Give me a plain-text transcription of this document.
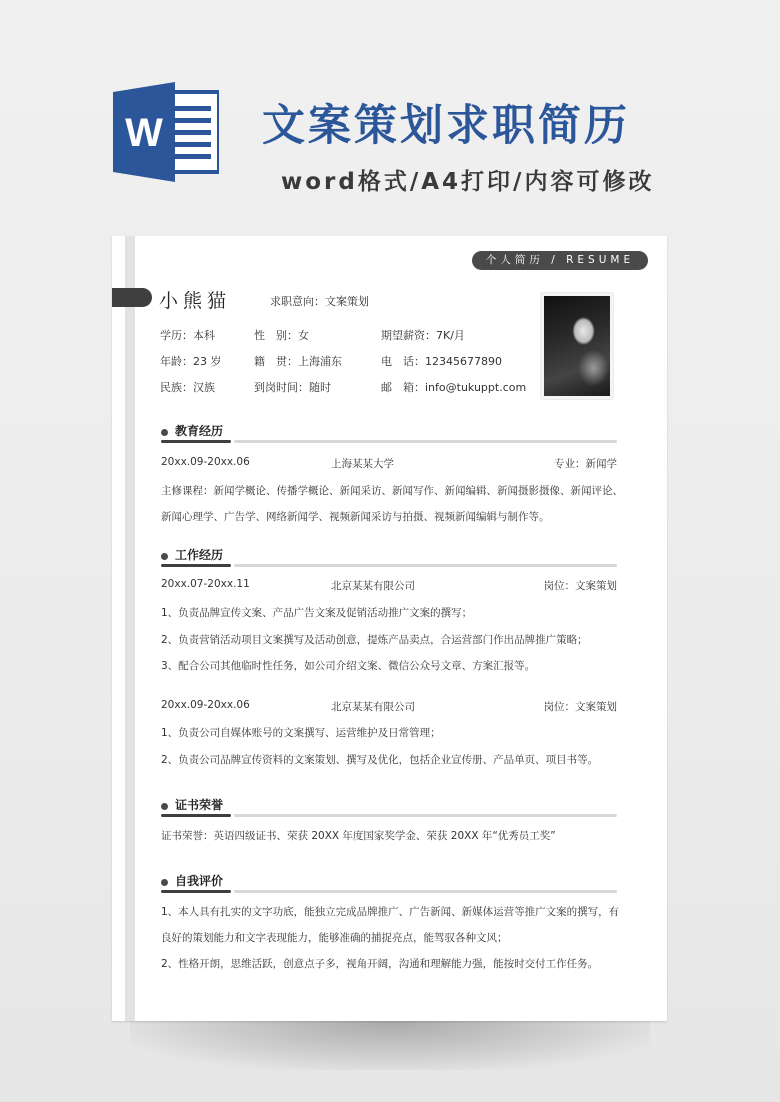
W 文案策划求职简历
word格式/A4打印/内容可修改
个人简历 / RESUME
小熊猫	求职意向：文案策划
学历：本科	性　别：女	期望薪资：7K/月
年龄：23 岁	籍　贯：上海浦东	电　话：12345677890
民族：汉族	到岗时间：随时	邮　箱：info@tukuppt.com
教育经历
20xx.09-20xx.06	上海某某大学	专业：新闻学
主修课程：新闻学概论、传播学概论、新闻采访、新闻写作、新闻编辑、新闻摄影摄像、新闻评论、
新闻心理学、广告学、网络新闻学、视频新闻采访与拍摄、视频新闻编辑与制作等。
工作经历
20xx.07-20xx.11	北京某某有限公司	岗位：文案策划
1、负责品牌宣传文案、产品广告文案及促销活动推广文案的撰写；
2、负责营销活动项目文案撰写及活动创意，提炼产品卖点，合运营部门作出品牌推广策略；
3、配合公司其他临时性任务，如公司介绍文案、微信公众号文章、方案汇报等。
20xx.09-20xx.06	北京某某有限公司	岗位：文案策划
1、负责公司自媒体账号的文案撰写、运营维护及日常管理；
2、负责公司品牌宣传资料的文案策划、撰写及优化，包括企业宣传册、产品单页、项目书等。
证书荣誉
证书荣誉：英语四级证书、荣获 20XX 年度国家奖学金、荣获 20XX 年“优秀员工奖”
自我评价
1、本人具有扎实的文字功底，能独立完成品牌推广、广告新闻、新媒体运营等推广文案的撰写，有
良好的策划能力和文字表现能力，能够准确的捕捉亮点，能驾驭各种文风；
2、性格开朗，思维活跃，创意点子多，视角开阔，沟通和理解能力强，能按时交付工作任务。
